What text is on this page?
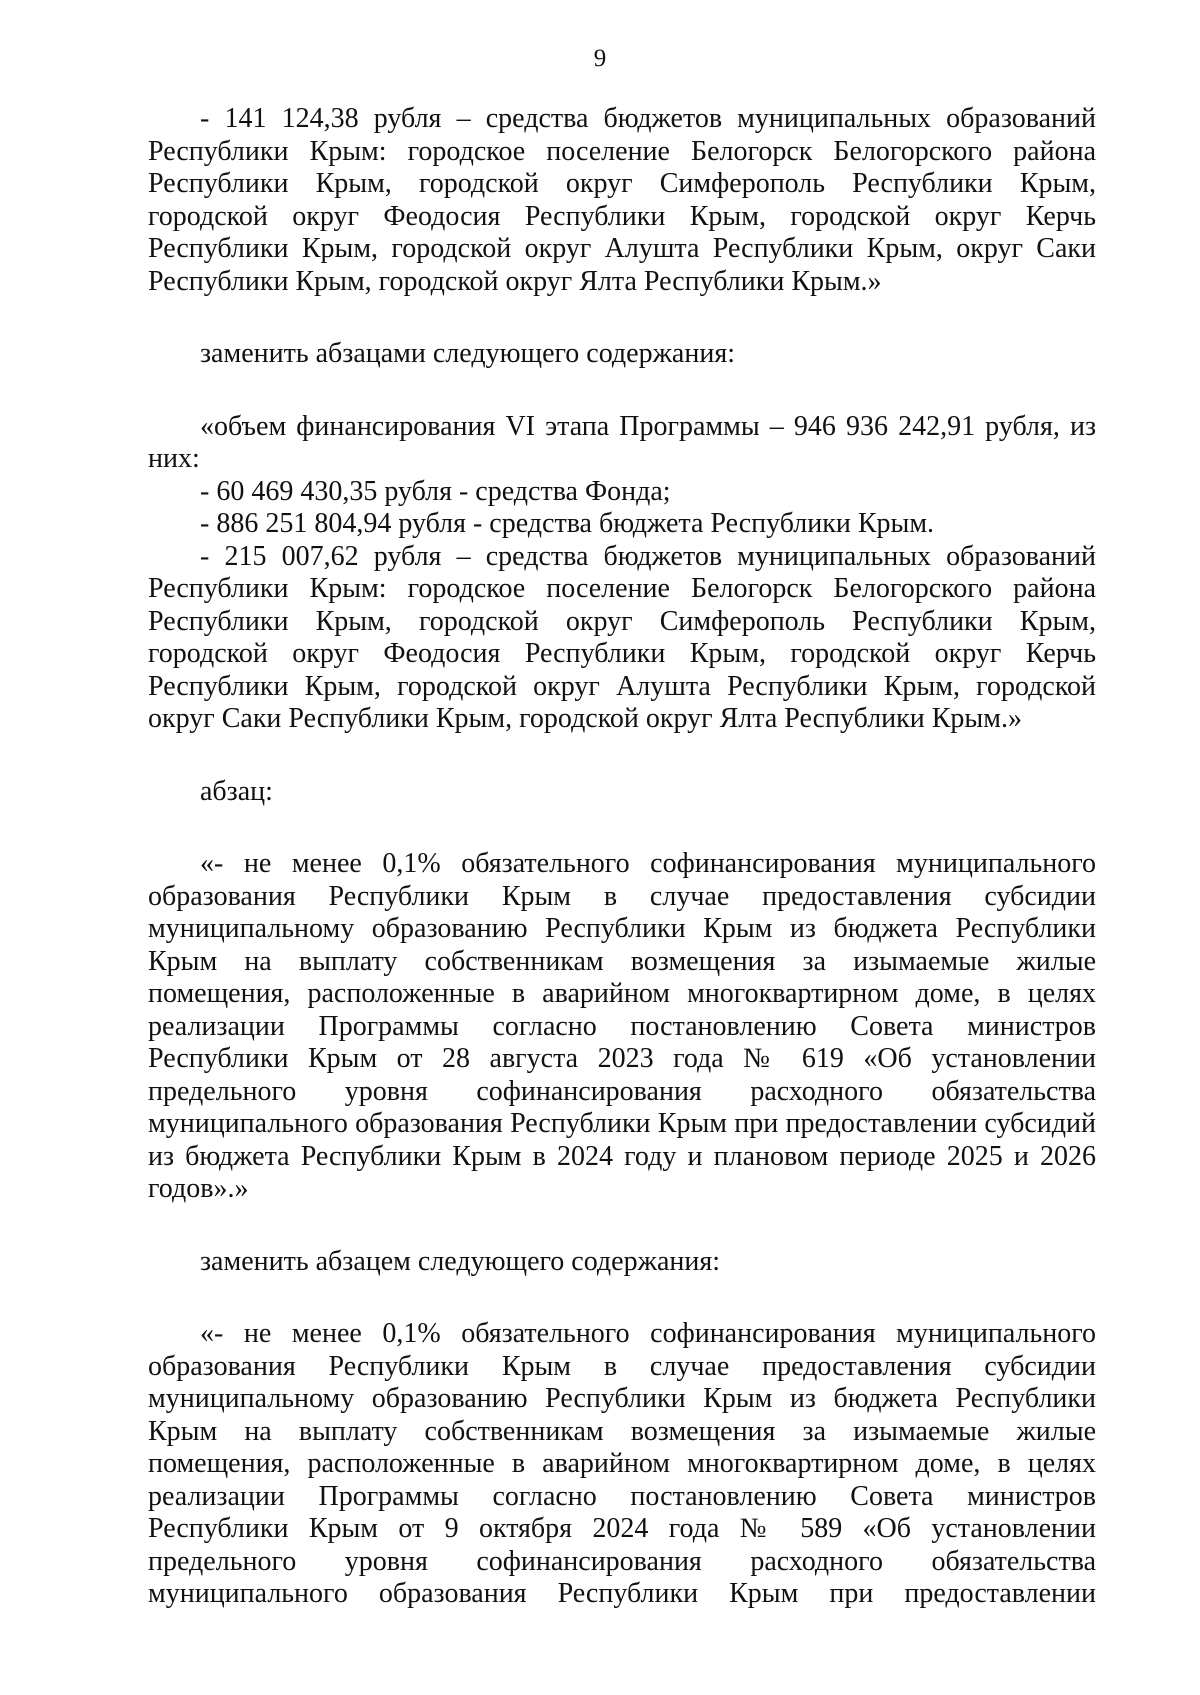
9

- 141 124,38 рубля – средства бюджетов муниципальных образований Республики Крым: городское поселение Белогорск Белогорского района Республики Крым, городской округ Симферополь Республики Крым, городской округ Феодосия Республики Крым, городской округ Керчь Республики Крым, городской округ Алушта Республики Крым, округ Саки Республики Крым, городской округ Ялта Республики Крым.»

заменить абзацами следующего содержания:

«объем финансирования VI этапа Программы – 946 936 242,91 рубля, из них:

- 60 469 430,35 рубля - средства Фонда;

- 886 251 804,94 рубля - средства бюджета Республики Крым.

- 215 007,62 рубля – средства бюджетов муниципальных образований Республики Крым: городское поселение Белогорск Белогорского района Республики Крым, городской округ Симферополь Республики Крым, городской округ Феодосия Республики Крым, городской округ Керчь Республики Крым, городской округ Алушта Республики Крым, городской округ Саки Республики Крым, городской округ Ялта Республики Крым.»

абзац:

«- не менее 0,1% обязательного софинансирования муниципального образования Республики Крым в случае предоставления субсидии муниципальному образованию Республики Крым из бюджета Республики Крым на выплату собственникам возмещения за изымаемые жилые помещения, расположенные в аварийном многоквартирном доме, в целях реализации Программы согласно постановлению Совета министров Республики Крым от 28 августа 2023 года № 619 «Об установлении предельного уровня софинансирования расходного обязательства муниципального образования Республики Крым при предоставлении субсидий из бюджета Республики Крым в 2024 году и плановом периоде 2025 и 2026 годов».»

заменить абзацем следующего содержания:

«- не менее 0,1% обязательного софинансирования муниципального образования Республики Крым в случае предоставления субсидии муниципальному образованию Республики Крым из бюджета Республики Крым на выплату собственникам возмещения за изымаемые жилые помещения, расположенные в аварийном многоквартирном доме, в целях реализации Программы согласно постановлению Совета министров Республики Крым от 9 октября 2024 года № 589 «Об установлении предельного уровня софинансирования расходного обязательства муниципального образования Республики Крым при предоставлении
